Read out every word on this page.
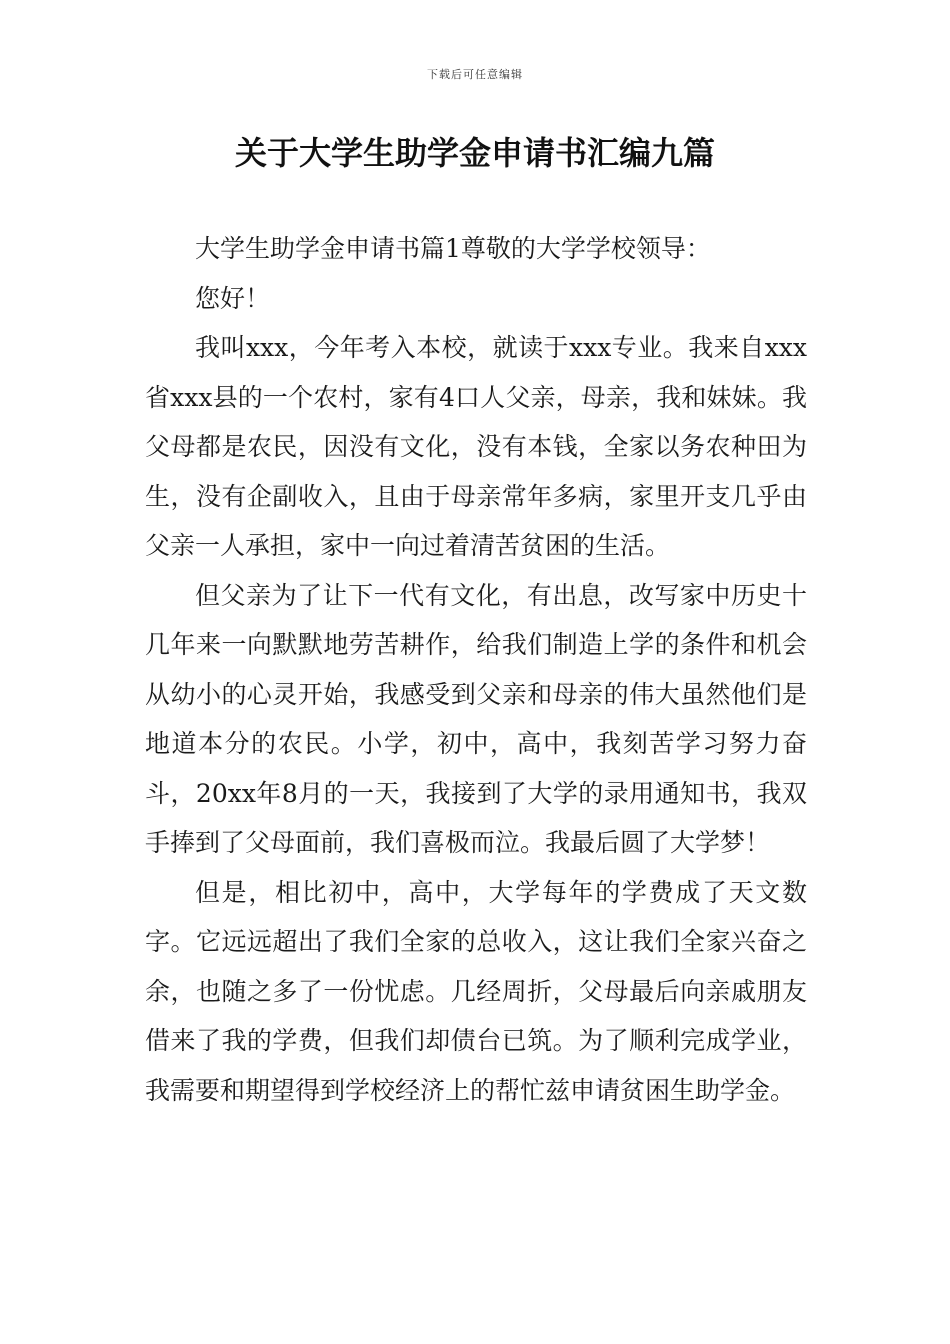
下载后可任意编辑
关于大学生助学金申请书汇编九篇

大学生助学金申请书篇1尊敬的大学学校领导：

您好！

我叫xxx，今年考入本校，就读于xxx专业。我来自xxx省xxx县的一个农村，家有4口人父亲，母亲，我和妹妹。我父母都是农民，因没有文化，没有本钱，全家以务农种田为生，没有企副收入，且由于母亲常年多病，家里开支几乎由父亲一人承担，家中一向过着清苦贫困的生活。

但父亲为了让下一代有文化，有出息，改写家中历史十几年来一向默默地劳苦耕作，给我们制造上学的条件和机会从幼小的心灵开始，我感受到父亲和母亲的伟大虽然他们是地道本分的农民。小学，初中，高中，我刻苦学习努力奋斗，20xx年8月的一天，我接到了大学的录用通知书，我双手捧到了父母面前，我们喜极而泣。我最后圆了大学梦！

但是，相比初中，高中，大学每年的学费成了天文数字。它远远超出了我们全家的总收入，这让我们全家兴奋之余，也随之多了一份忧虑。几经周折，父母最后向亲戚朋友借来了我的学费，但我们却债台已筑。为了顺利完成学业，我需要和期望得到学校经济上的帮忙兹申请贫困生助学金。
